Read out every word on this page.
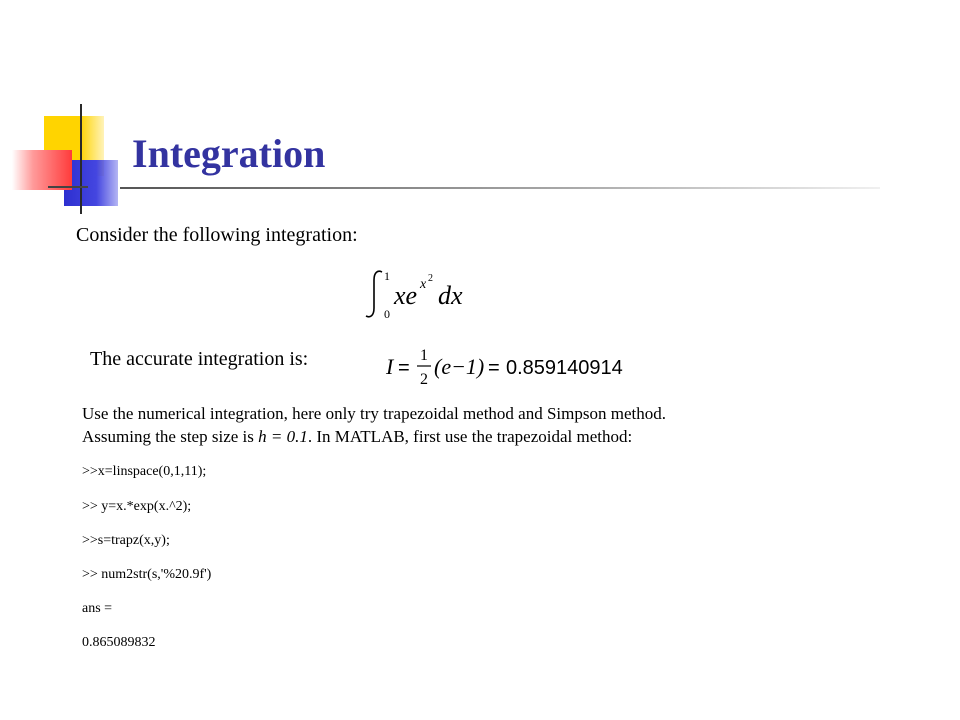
Integration
Consider the following integration:
1
0
xe x 2
dx
The accurate integration is:	I =
1
2
(e−1) = 0.859140914
Use the numerical integration, here only try trapezoidal method and Simpson method.
Assuming the step size is h = 0.1. In MATLAB, first use the trapezoidal method:
>>x=linspace(0,1,11);
>> y=x.*exp(x.^2);
>>s=trapz(x,y);
>> num2str(s,'%20.9f')
ans =
0.865089832
